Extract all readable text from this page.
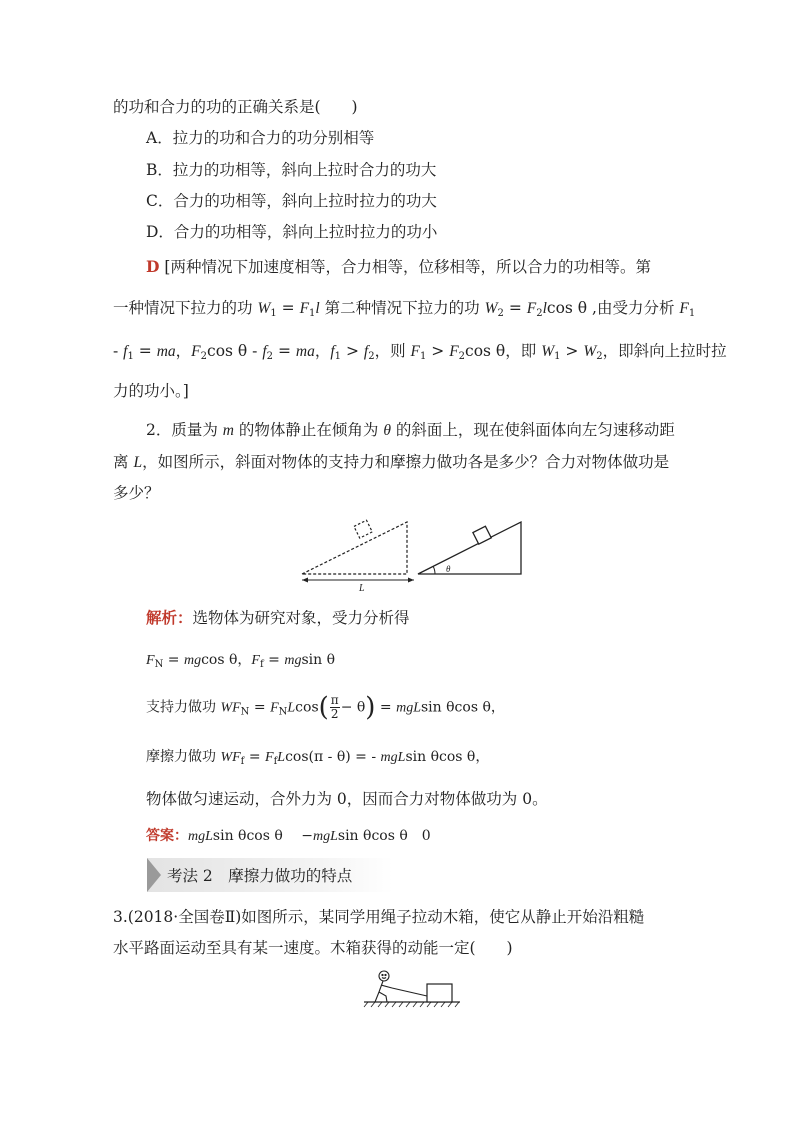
的功和合力的功的正确关系是(　　)
A．拉力的功和合力的功分别相等
B．拉力的功相等，斜向上拉时合力的功大
C．合力的功相等，斜向上拉时拉力的功大
D．合力的功相等，斜向上拉时拉力的功小
D [两种情况下加速度相等，合力相等，位移相等，所以合力的功相等。第
一种情况下拉力的功 $W_1 = F_1l$ 第二种情况下拉力的功 $W_2 = F_2lcos$ θ ,由受力分析 $F_1$
- $f_1$ = ma，$F_2\cos$ θ - $f_2$ = ma，$f_1 > f_2$，则 $F_1 > F_2\cos$ θ，即 $W_1 > W_2$，即斜向上拉时拉
力的功小。]
2．质量为 m 的物体静止在倾角为 θ 的斜面上，现在使斜面体向左匀速移动距
离 L，如图所示，斜面对物体的支持力和摩擦力做功各是多少？合力对物体做功是
多少？
θ
L
解析：选物体为研究对象，受力分析得
$F_N = mgcos$ θ，$F_f = mgsin$ θ
支持力做功 $WF_N = F_NLcos( \frac{\pi}{2} - \theta) = mgLsin$ θcos θ，
摩擦力做功 $WF_f = F_fLcos(\pi - \theta)$ = - mgLsin θcos θ，
物体做匀速运动，合外力为 0，因而合力对物体做功为 0。
答案：mgLsin θcos θ　 −mgLsin θcos θ　0
考法 2　摩擦力做功的特点
3.(2018·全国卷Ⅱ)如图所示，某同学用绳子拉动木箱，使它从静止开始沿粗糙
水平路面运动至具有某一速度。木箱获得的动能一定(　　)
